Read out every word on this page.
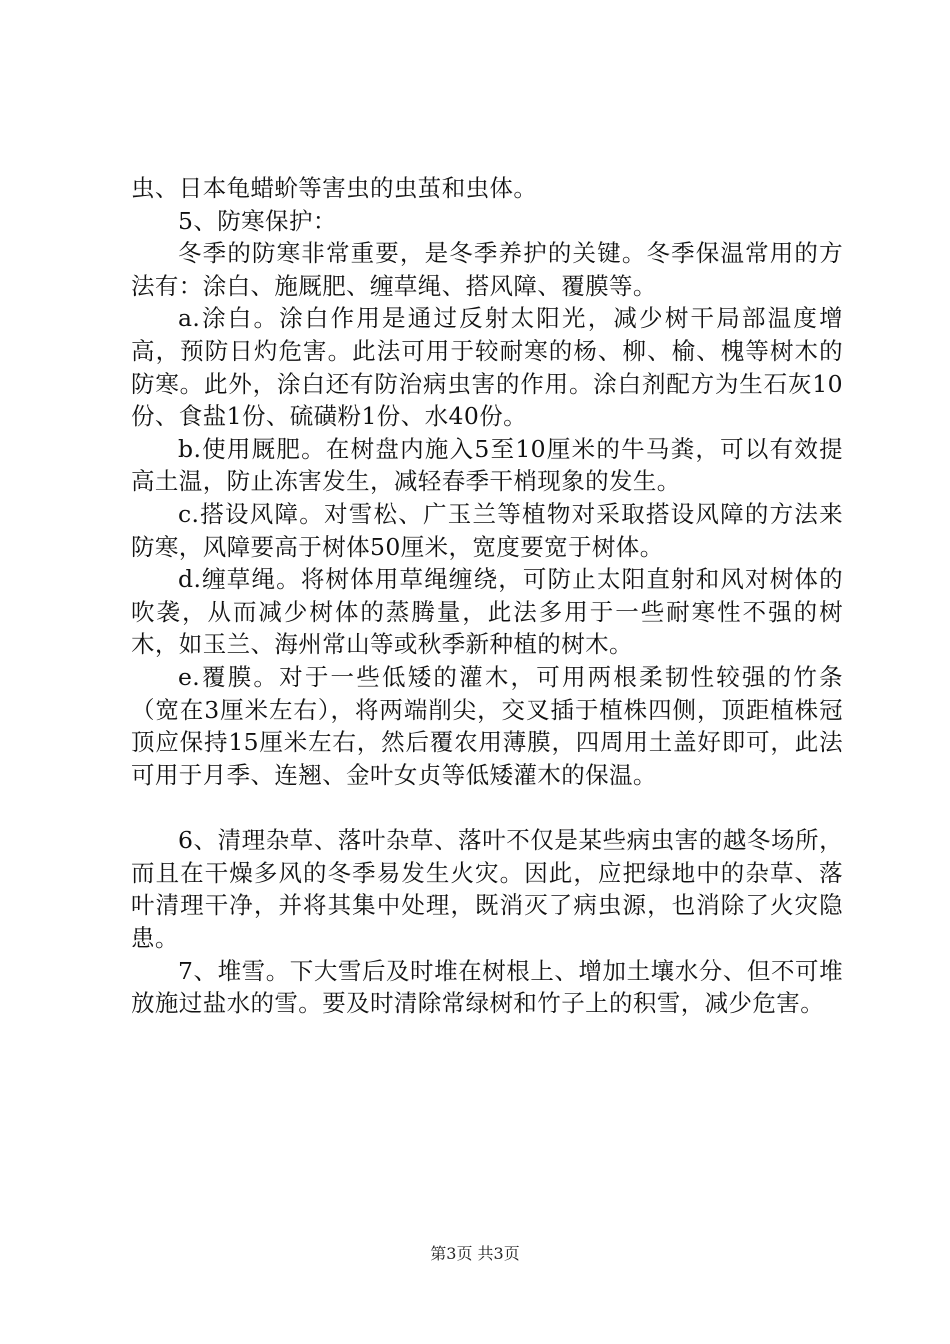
虫、日本龟蜡蚧等害虫的虫茧和虫体。

5、防寒保护：

冬季的防寒非常重要，是冬季养护的关键。冬季保温常用的方法有：涂白、施厩肥、缠草绳、搭风障、覆膜等。

a.涂白。涂白作用是通过反射太阳光，减少树干局部温度增高，预防日灼危害。此法可用于较耐寒的杨、柳、榆、槐等树木的防寒。此外，涂白还有防治病虫害的作用。涂白剂配方为生石灰10份、食盐1份、硫磺粉1份、水40份。

b.使用厩肥。在树盘内施入5至10厘米的牛马粪，可以有效提高土温，防止冻害发生，减轻春季干梢现象的发生。

c.搭设风障。对雪松、广玉兰等植物对采取搭设风障的方法来防寒，风障要高于树体50厘米，宽度要宽于树体。

d.缠草绳。将树体用草绳缠绕，可防止太阳直射和风对树体的吹袭，从而减少树体的蒸腾量，此法多用于一些耐寒性不强的树木，如玉兰、海州常山等或秋季新种植的树木。

e.覆膜。对于一些低矮的灌木，可用两根柔韧性较强的竹条（宽在3厘米左右），将两端削尖，交叉插于植株四侧，顶距植株冠顶应保持15厘米左右，然后覆农用薄膜，四周用土盖好即可，此法可用于月季、连翘、金叶女贞等低矮灌木的保温。

6、清理杂草、落叶杂草、落叶不仅是某些病虫害的越冬场所，而且在干燥多风的冬季易发生火灾。因此，应把绿地中的杂草、落叶清理干净，并将其集中处理，既消灭了病虫源，也消除了火灾隐患。

7、堆雪。下大雪后及时堆在树根上、增加土壤水分、但不可堆放施过盐水的雪。要及时清除常绿树和竹子上的积雪，减少危害。

第3页 共3页
